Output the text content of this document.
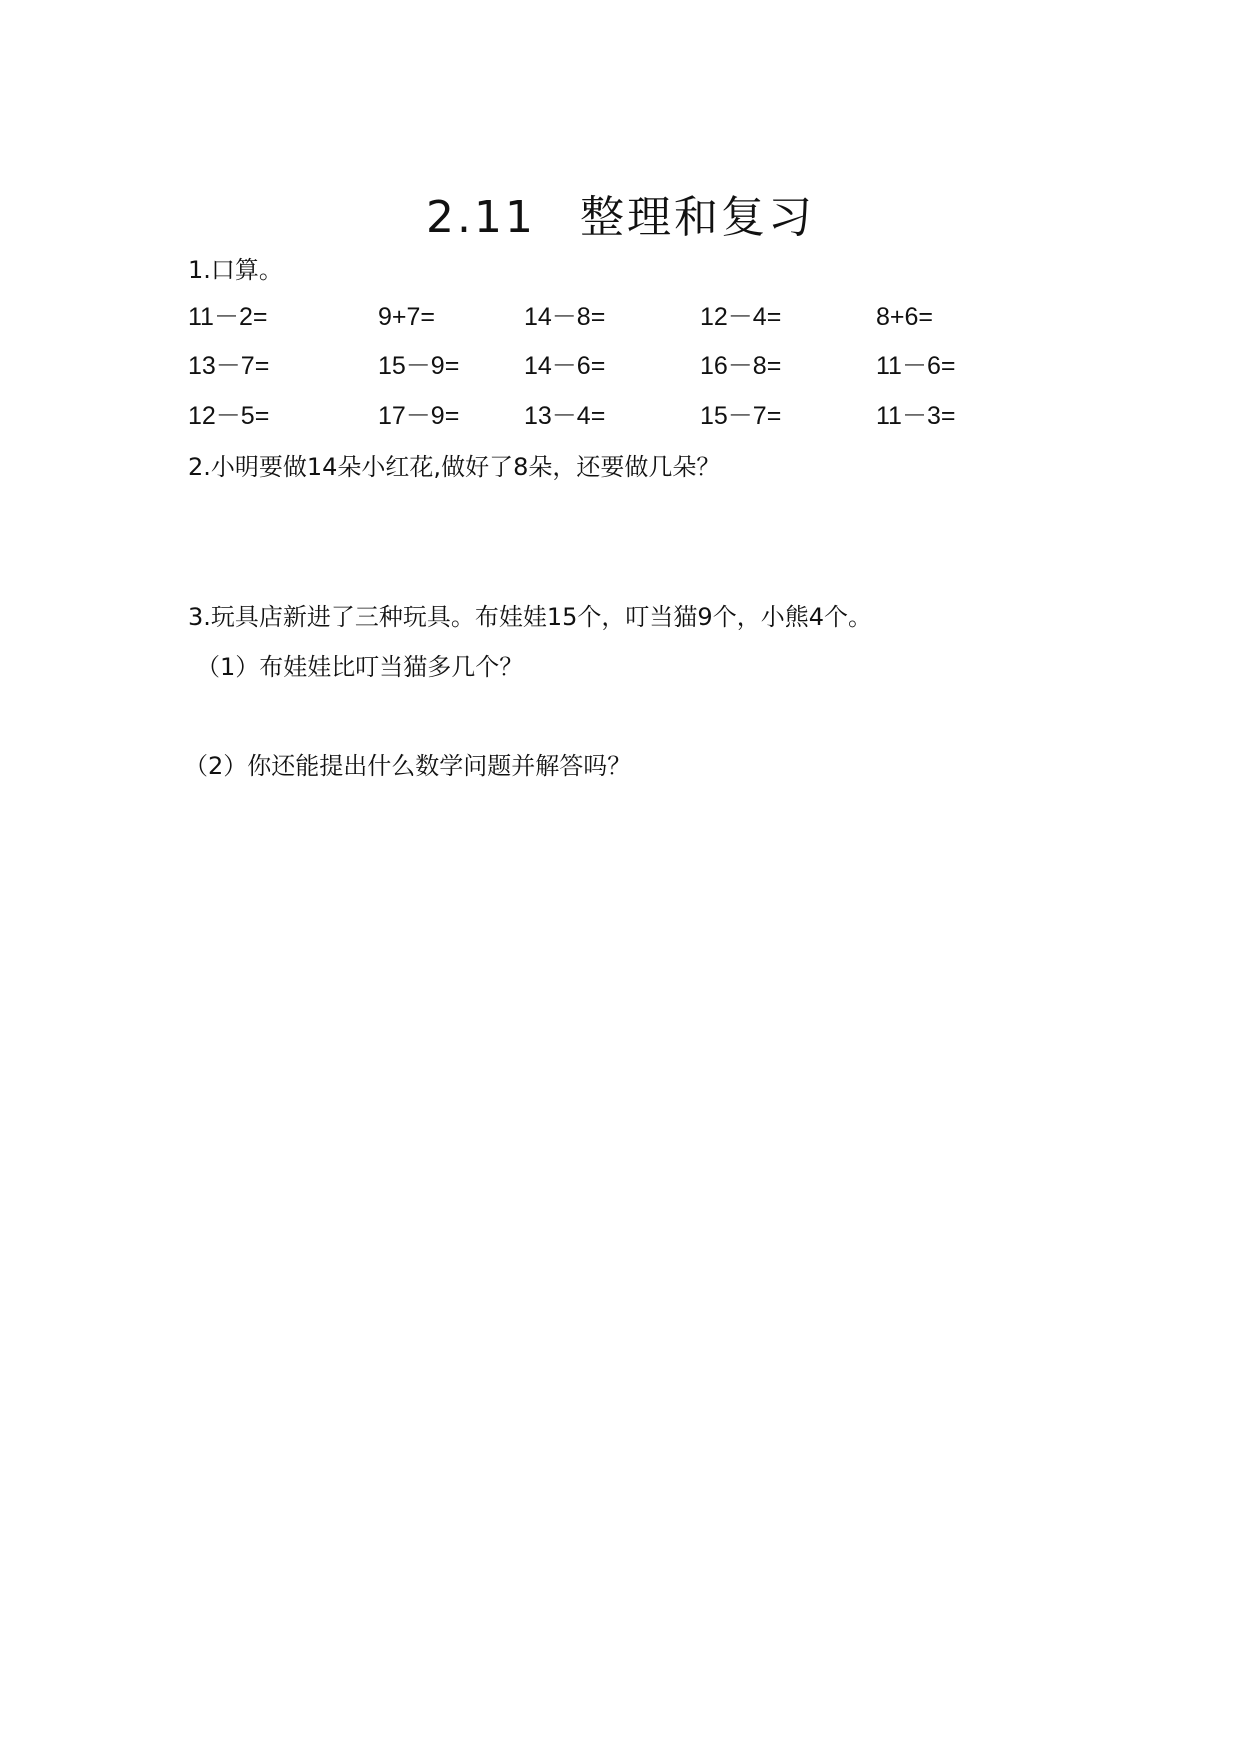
2.11 整理和复习
1.口算。
11－2=	9+7=	14－8=	12－4=	8+6=
13－7=	15－9=	14－6=	16－8=	11－6=
12－5=	17－9=	13－4=	15－7=	11－3=
2.小明要做14朵小红花,做好了8朵，还要做几朵？
3.玩具店新进了三种玩具。布娃娃15个，叮当猫9个，小熊4个。
（1）布娃娃比叮当猫多几个？
（2）你还能提出什么数学问题并解答吗？
